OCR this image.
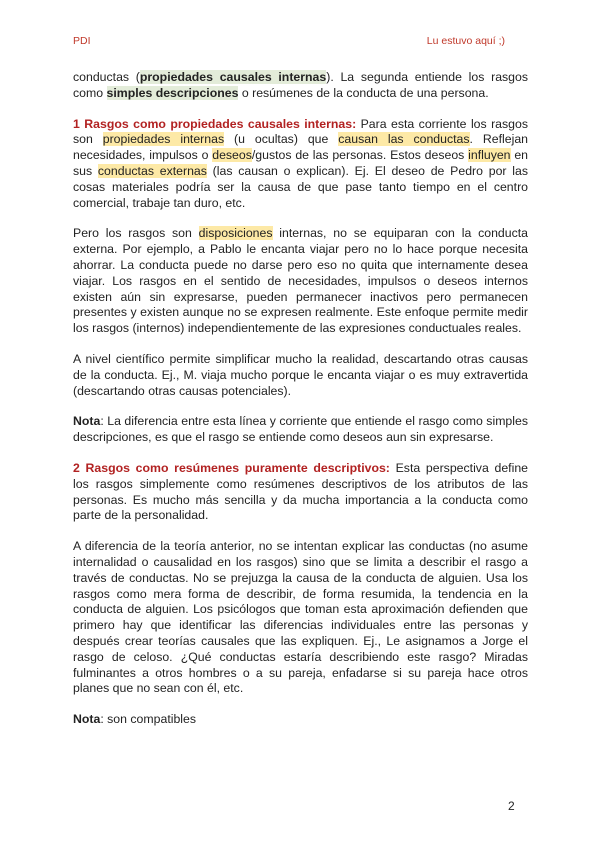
PDI	Lu estuvo aquí ;)

conductas (propiedades causales internas). La segunda entiende los rasgos como simples descripciones o resúmenes de la conducta de una persona.

1 Rasgos como propiedades causales internas: Para esta corriente los rasgos son propiedades internas (u ocultas) que causan las conductas. Reflejan necesidades, impulsos o deseos/gustos de las personas. Estos deseos influyen en sus conductas externas (las causan o explican). Ej. El deseo de Pedro por las cosas materiales podría ser la causa de que pase tanto tiempo en el centro comercial, trabaje tan duro, etc.

Pero los rasgos son disposiciones internas, no se equiparan con la conducta externa. Por ejemplo, a Pablo le encanta viajar pero no lo hace porque necesita ahorrar. La conducta puede no darse pero eso no quita que internamente desea viajar. Los rasgos en el sentido de necesidades, impulsos o deseos internos existen aún sin expresarse, pueden permanecer inactivos pero permanecen presentes y existen aunque no se expresen realmente. Este enfoque permite medir los rasgos (internos) independientemente de las expresiones conductuales reales.

A nivel científico permite simplificar mucho la realidad, descartando otras causas de la conducta. Ej., M. viaja mucho porque le encanta viajar o es muy extravertida (descartando otras causas potenciales).

Nota: La diferencia entre esta línea y corriente que entiende el rasgo como simples descripciones, es que el rasgo se entiende como deseos aun sin expresarse.

2 Rasgos como resúmenes puramente descriptivos: Esta perspectiva define los rasgos simplemente como resúmenes descriptivos de los atributos de las personas. Es mucho más sencilla y da mucha importancia a la conducta como parte de la personalidad.

A diferencia de la teoría anterior, no se intentan explicar las conductas (no asume internalidad o causalidad en los rasgos) sino que se limita a describir el rasgo a través de conductas. No se prejuzga la causa de la conducta de alguien. Usa los rasgos como mera forma de describir, de forma resumida, la tendencia en la conducta de alguien. Los psicólogos que toman esta aproximación defienden que primero hay que identificar las diferencias individuales entre las personas y después crear teorías causales que las expliquen. Ej., Le asignamos a Jorge el rasgo de celoso. ¿Qué conductas estaría describiendo este rasgo? Miradas fulminantes a otros hombres o a su pareja, enfadarse si su pareja hace otros planes que no sean con él, etc.

Nota: son compatibles

2
